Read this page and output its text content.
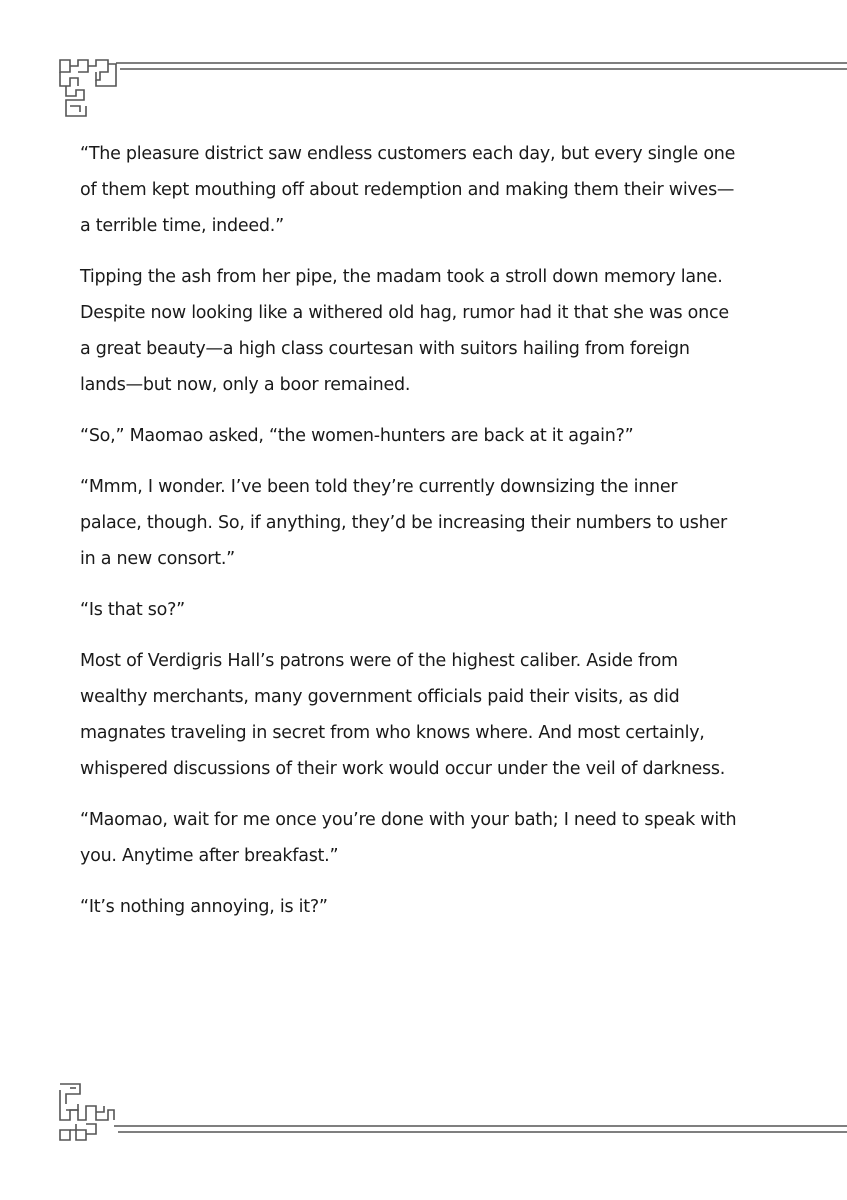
“The pleasure district saw endless customers each day, but every single one of them kept mouthing off about redemption and making them their wives—a terrible time, indeed.”

Tipping the ash from her pipe, the madam took a stroll down memory lane. Despite now looking like a withered old hag, rumor had it that she was once a great beauty—a high class courtesan with suitors hailing from foreign lands—but now, only a boor remained.

“So,” Maomao asked, “the women-hunters are back at it again?”

“Mmm, I wonder. I’ve been told they’re currently downsizing the inner palace, though. So, if anything, they’d be increasing their numbers to usher in a new consort.”

“Is that so?”

Most of Verdigris Hall’s patrons were of the highest caliber. Aside from wealthy merchants, many government officials paid their visits, as did magnates traveling in secret from who knows where. And most certainly, whispered discussions of their work would occur under the veil of darkness.

“Maomao, wait for me once you’re done with your bath; I need to speak with you. Anytime after breakfast.”

“It’s nothing annoying, is it?”
